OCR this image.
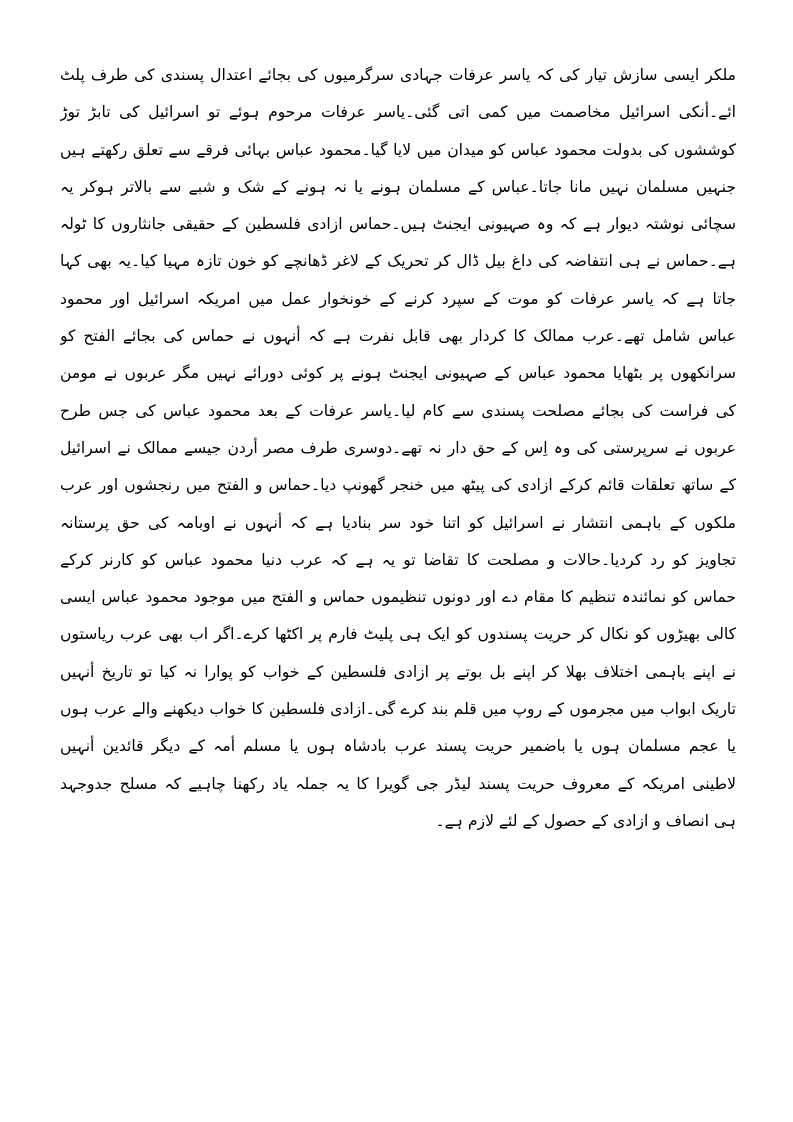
ملکر ایسی سازش تیار کی کہ یاسر عرفات جہادی سرگرمیوں کی بجائے اعتدال پسندی کی طرف پلٹ
ائے۔أنکی اسرائیل مخاصمت میں کمی اتی گئی۔یاسر عرفات مرحوم ہوئے تو اسرائیل کی تابڑ توڑ
کوششوں کی بدولت محمود عباس کو میدان میں لایا گیا۔محمود عباس بہائی فرقے سے تعلق رکھتے ہیں
جنہیں مسلمان نہیں مانا جاتا۔عباس کے مسلمان ہونے یا نہ ہونے کے شک و شبے سے بالاتر ہوکر یہ
سچائی نوشتہ دیوار ہے کہ وہ صہیونی ایجنٹ ہیں۔حماس ازادی فلسطین کے حقیقی جانثاروں کا ٹولہ
ہے۔حماس نے ہی انتفاضہ کی داغ بیل ڈال کر تحریک کے لاغر ڈھانچے کو خون تازہ مہیا کیا۔یہ بھی کہا
جاتا ہے کہ یاسر عرفات کو موت کے سپرد کرنے کے خونخوار عمل میں امریکہ اسرائیل اور محمود
عباس شامل تھے۔عرب ممالک کا کردار بھی قابل نفرت ہے کہ أنہوں نے حماس کی بجائے الفتح کو
سرانکھوں پر بٹھایا محمود عباس کے صہیونی ایجنٹ ہونے پر کوئی دورائے نہیں مگر عربوں نے مومن
کی فراست کی بجائے مصلحت پسندی سے کام لیا۔یاسر عرفات کے بعد محمود عباس کی جس طرح
عربوں نے سرپرستی کی وہ اِس کے حق دار نہ تھے۔دوسری طرف مصر أردن جیسے ممالک نے اسرائیل
کے ساتھ تعلقات قائم کرکے ازادی کی پیٹھ میں خنجر گھونپ دیا۔حماس و الفتح میں رنجشوں اور عرب
ملکوں کے باہمی انتشار نے اسرائیل کو اتنا خود سر بنادیا ہے کہ أنہوں نے اوبامہ کی حق پرستانہ
تجاویز کو رد کردیا۔حالات و مصلحت کا تقاضا تو یہ ہے کہ عرب دنیا محمود عباس کو کارنر کرکے
حماس کو نمائندہ تنظیم کا مقام دے اور دونوں تنظیموں حماس و الفتح میں موجود محمود عباس ایسی
کالی بھیڑوں کو نکال کر حریت پسندوں کو ایک ہی پلیٹ فارم پر اکٹھا کرے۔اگر اب بھی عرب ریاستوں
نے اپنے باہمی اختلاف بھلا کر اپنے بل بوتے پر ازادی فلسطین کے خواب کو پوارا نہ کیا تو تاریخ أنہیں
تاریک ابواب میں مجرموں کے روپ میں قلم بند کرے گی۔ازادی فلسطین کا خواب دیکھنے والے عرب ہوں
یا عجم مسلمان ہوں یا باضمیر حریت پسند عرب بادشاہ ہوں یا مسلم أمہ کے دیگر قائدین أنہیں
لاطینی امریکہ کے معروف حریت پسند لیڈر جی گویرا کا یہ جملہ یاد رکھنا چاہیے کہ مسلح جدوجہد
ہی انصاف و ازادی کے حصول کے لئے لازم ہے۔
